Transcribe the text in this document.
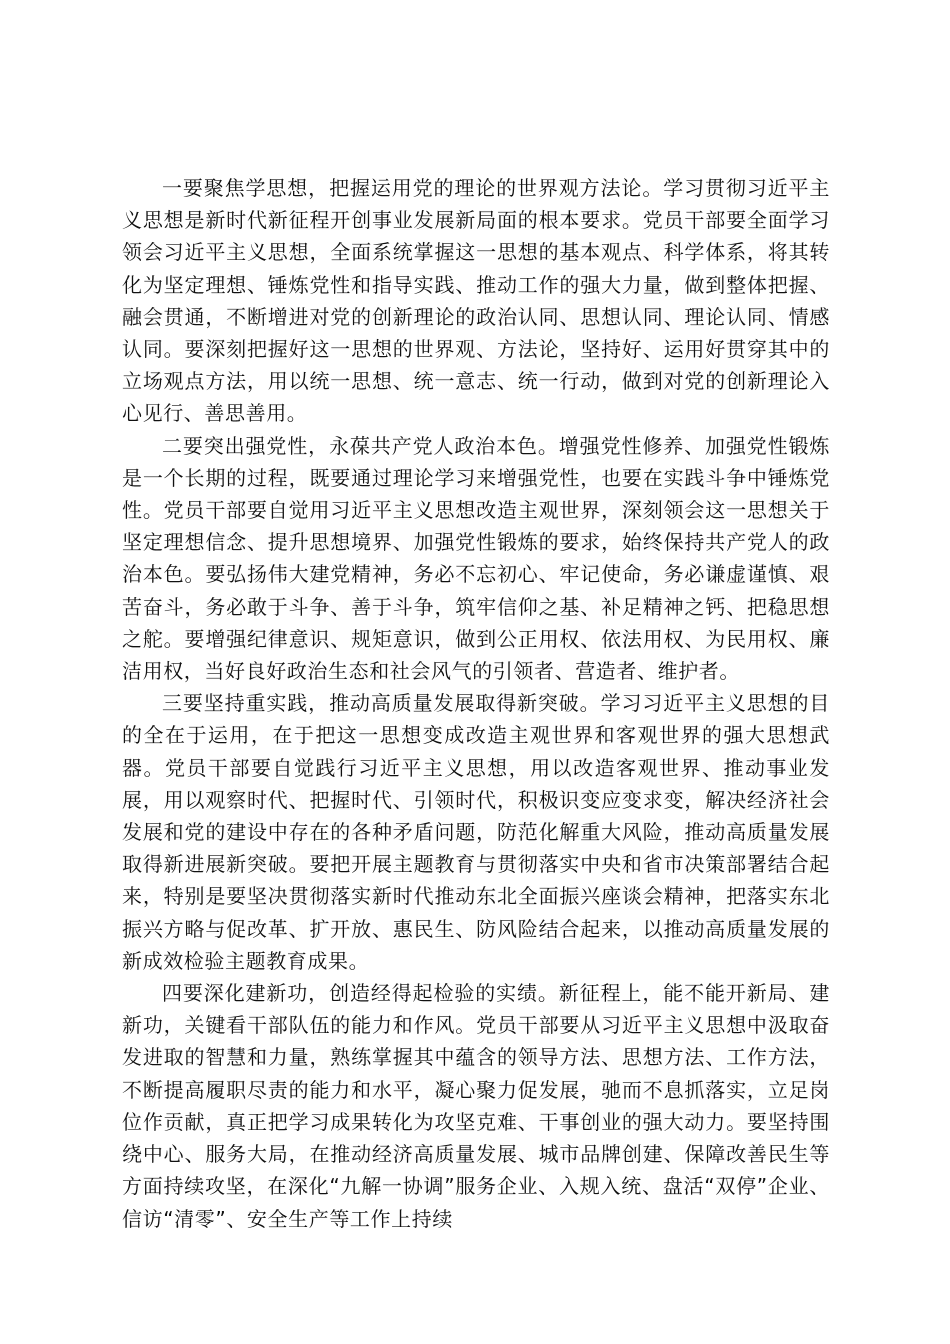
一要聚焦学思想，把握运用党的理论的世界观方法论。学习贯彻习近平主义思想是新时代新征程开创事业发展新局面的根本要求。党员干部要全面学习领会习近平主义思想，全面系统掌握这一思想的基本观点、科学体系，将其转化为坚定理想、锤炼党性和指导实践、推动工作的强大力量，做到整体把握、融会贯通，不断增进对党的创新理论的政治认同、思想认同、理论认同、情感认同。要深刻把握好这一思想的世界观、方法论，坚持好、运用好贯穿其中的立场观点方法，用以统一思想、统一意志、统一行动，做到对党的创新理论入心见行、善思善用。

二要突出强党性，永葆共产党人政治本色。增强党性修养、加强党性锻炼是一个长期的过程，既要通过理论学习来增强党性，也要在实践斗争中锤炼党性。党员干部要自觉用习近平主义思想改造主观世界，深刻领会这一思想关于坚定理想信念、提升思想境界、加强党性锻炼的要求，始终保持共产党人的政治本色。要弘扬伟大建党精神，务必不忘初心、牢记使命，务必谦虚谨慎、艰苦奋斗，务必敢于斗争、善于斗争，筑牢信仰之基、补足精神之钙、把稳思想之舵。要增强纪律意识、规矩意识，做到公正用权、依法用权、为民用权、廉洁用权，当好良好政治生态和社会风气的引领者、营造者、维护者。

三要坚持重实践，推动高质量发展取得新突破。学习习近平主义思想的目的全在于运用，在于把这一思想变成改造主观世界和客观世界的强大思想武器。党员干部要自觉践行习近平主义思想，用以改造客观世界、推动事业发展，用以观察时代、把握时代、引领时代，积极识变应变求变，解决经济社会发展和党的建设中存在的各种矛盾问题，防范化解重大风险，推动高质量发展取得新进展新突破。要把开展主题教育与贯彻落实中央和省市决策部署结合起来，特别是要坚决贯彻落实新时代推动东北全面振兴座谈会精神，把落实东北振兴方略与促改革、扩开放、惠民生、防风险结合起来，以推动高质量发展的新成效检验主题教育成果。

四要深化建新功，创造经得起检验的实绩。新征程上，能不能开新局、建新功，关键看干部队伍的能力和作风。党员干部要从习近平主义思想中汲取奋发进取的智慧和力量，熟练掌握其中蕴含的领导方法、思想方法、工作方法，不断提高履职尽责的能力和水平，凝心聚力促发展，驰而不息抓落实，立足岗位作贡献，真正把学习成果转化为攻坚克难、干事创业的强大动力。要坚持围绕中心、服务大局，在推动经济高质量发展、城市品牌创建、保障改善民生等方面持续攻坚，在深化“九解一协调”服务企业、入规入统、盘活“双停”企业、信访“清零”、安全生产等工作上持续
